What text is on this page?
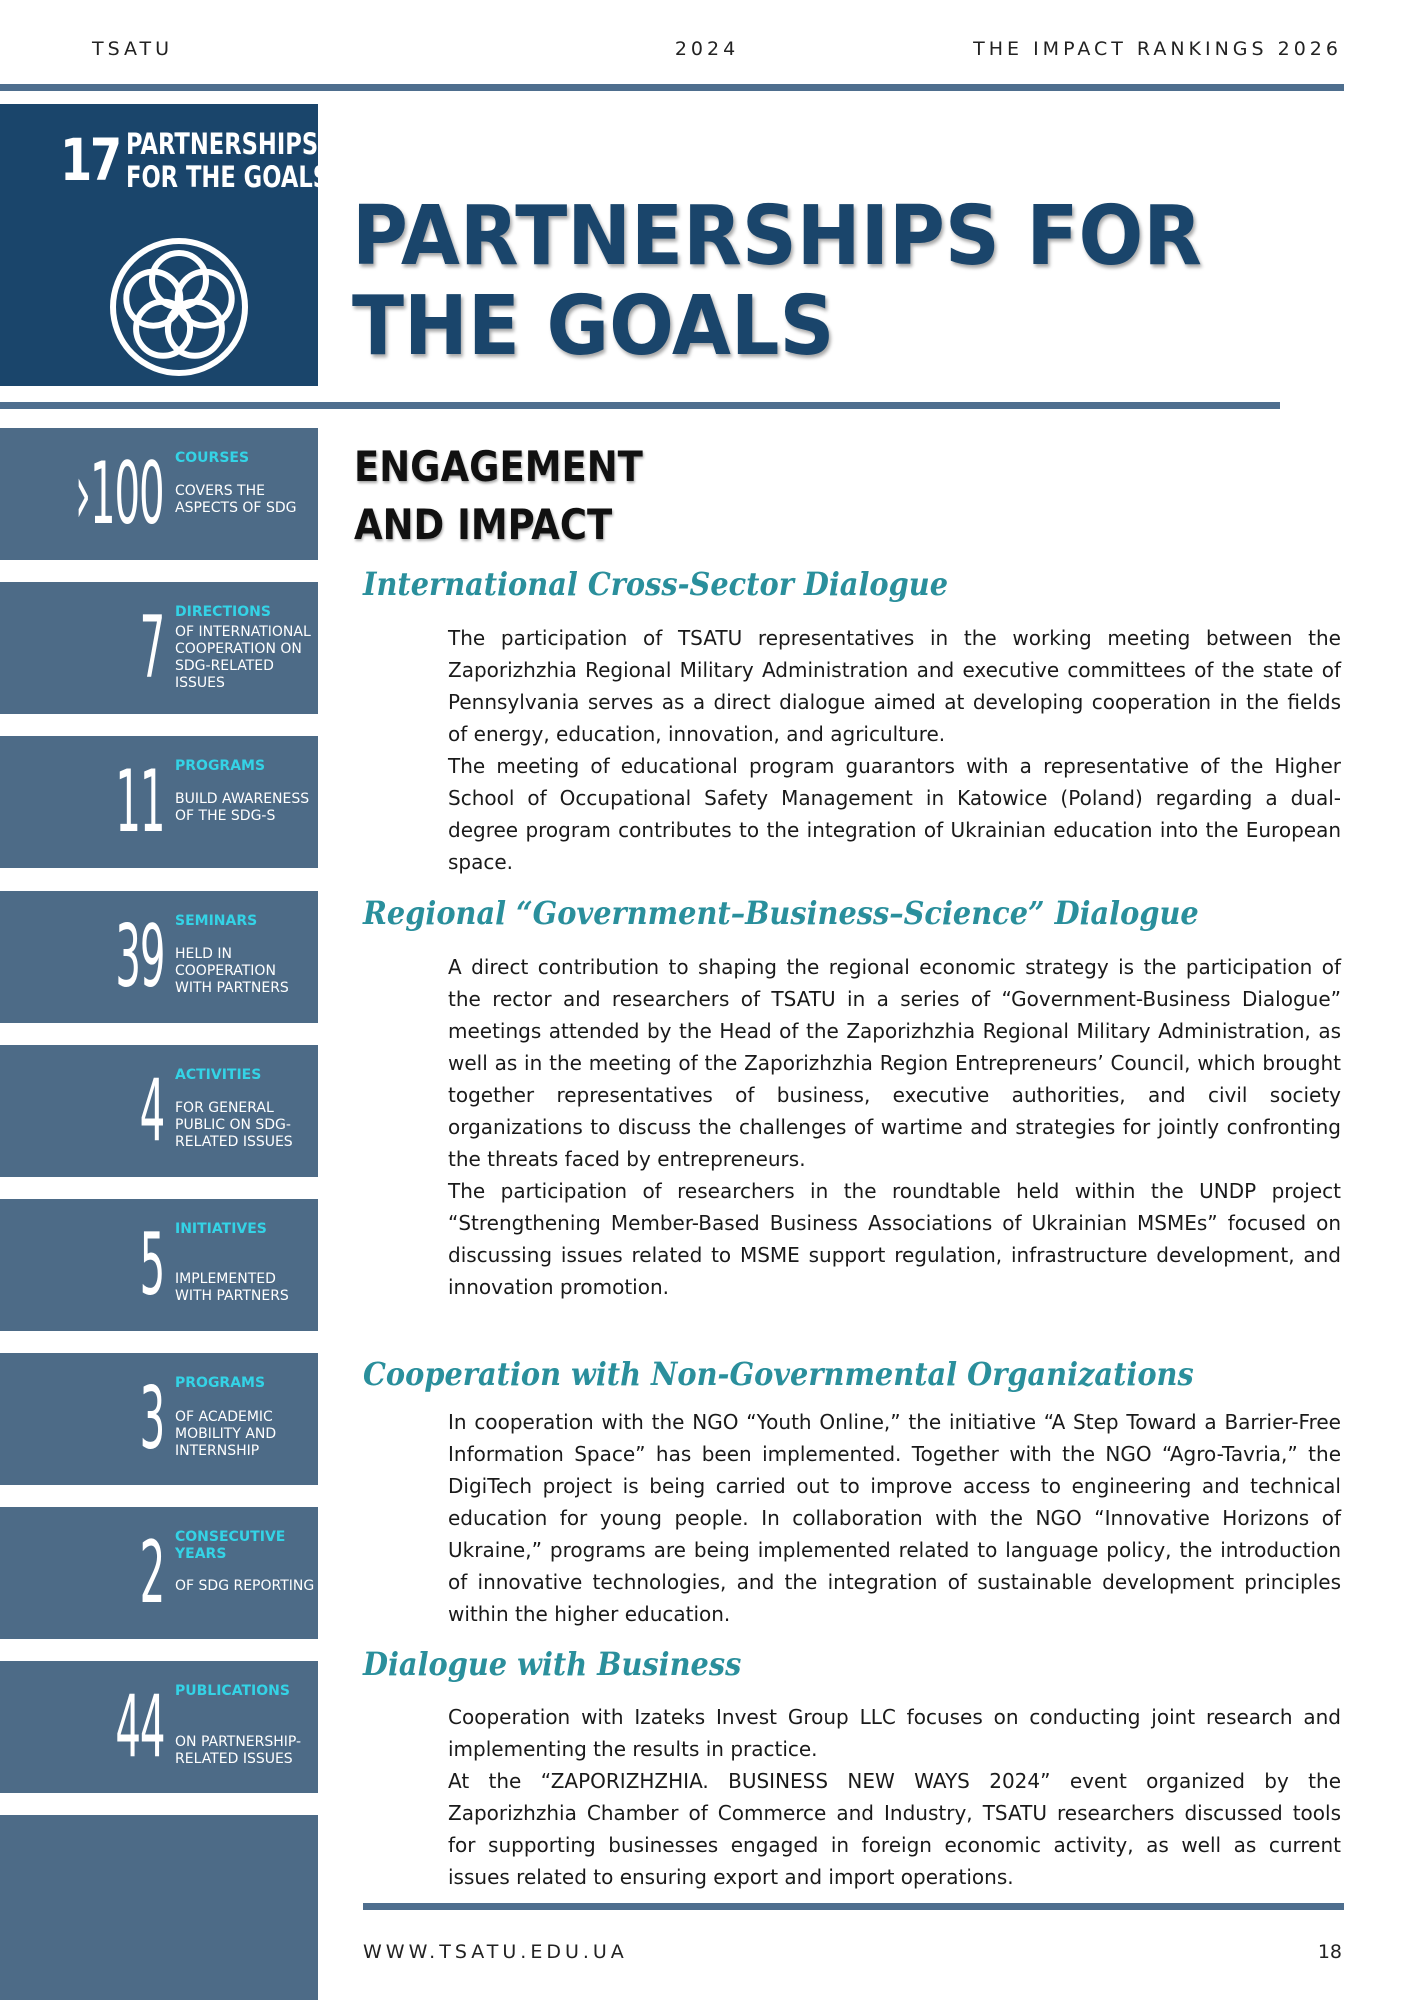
TSATU	2024	THE IMPACT RANKINGS 2026
17 PARTNERSHIPS
FOR THE GOALS
PARTNERSHIPS FOR
THE GOALS
›100 COURSES
COVERS THE ASPECTS OF SDG
7 DIRECTIONS
OF INTERNATIONAL COOPERATION ON SDG-RELATED ISSUES
11 PROGRAMS
BUILD AWARENESS OF THE SDG-S
39 SEMINARS
HELD IN COOPERATION WITH PARTNERS
4 ACTIVITIES
FOR GENERAL PUBLIC ON SDG-RELATED ISSUES
5 INITIATIVES
IMPLEMENTED WITH PARTNERS
3 PROGRAMS
OF ACADEMIC MOBILITY AND INTERNSHIP
2 CONSECUTIVE YEARS
OF SDG REPORTING
44 PUBLICATIONS
ON PARTNERSHIP-RELATED ISSUES
ENGAGEMENT
AND IMPACT
International Cross-Sector Dialogue

The participation of TSATU representatives in the working meeting between the Zaporizhzhia Regional Military Administration and executive committees of the state of Pennsylvania serves as a direct dialogue aimed at developing cooperation in the fields of energy, education, innovation, and agriculture.

The meeting of educational program guarantors with a representative of the Higher School of Occupational Safety Management in Katowice (Poland) regarding a dual-degree program contributes to the integration of Ukrainian education into the European space.

Regional “Government–Business–Science” Dialogue

A direct contribution to shaping the regional economic strategy is the participation of the rector and researchers of TSATU in a series of “Government-Business Dialogue” meetings attended by the Head of the Zaporizhzhia Regional Military Administration, as well as in the meeting of the Zaporizhzhia Region Entrepreneurs’ Council, which brought together representatives of business, executive authorities, and civil society organizations to discuss the challenges of wartime and strategies for jointly confronting the threats faced by entrepreneurs.

The participation of researchers in the roundtable held within the UNDP project “Strengthening Member-Based Business Associations of Ukrainian MSMEs” focused on discussing issues related to MSME support regulation, infrastructure development, and innovation promotion.

Cooperation with Non-Governmental Organizations

In cooperation with the NGO “Youth Online,” the initiative “A Step Toward a Barrier-Free Information Space” has been implemented. Together with the NGO “Agro-Tavria,” the DigiTech project is being carried out to improve access to engineering and technical education for young people. In collaboration with the NGO “Innovative Horizons of Ukraine,” programs are being implemented related to language policy, the introduction of innovative technologies, and the integration of sustainable development principles within the higher education.

Dialogue with Business

Cooperation with Izateks Invest Group LLC focuses on conducting joint research and implementing the results in practice.

At the “ZAPORIZHZHIA. BUSINESS NEW WAYS 2024” event organized by the Zaporizhzhia Chamber of Commerce and Industry, TSATU researchers discussed tools for supporting businesses engaged in foreign economic activity, as well as current issues related to ensuring export and import operations.

WWW.TSATU.EDU.UA	18
